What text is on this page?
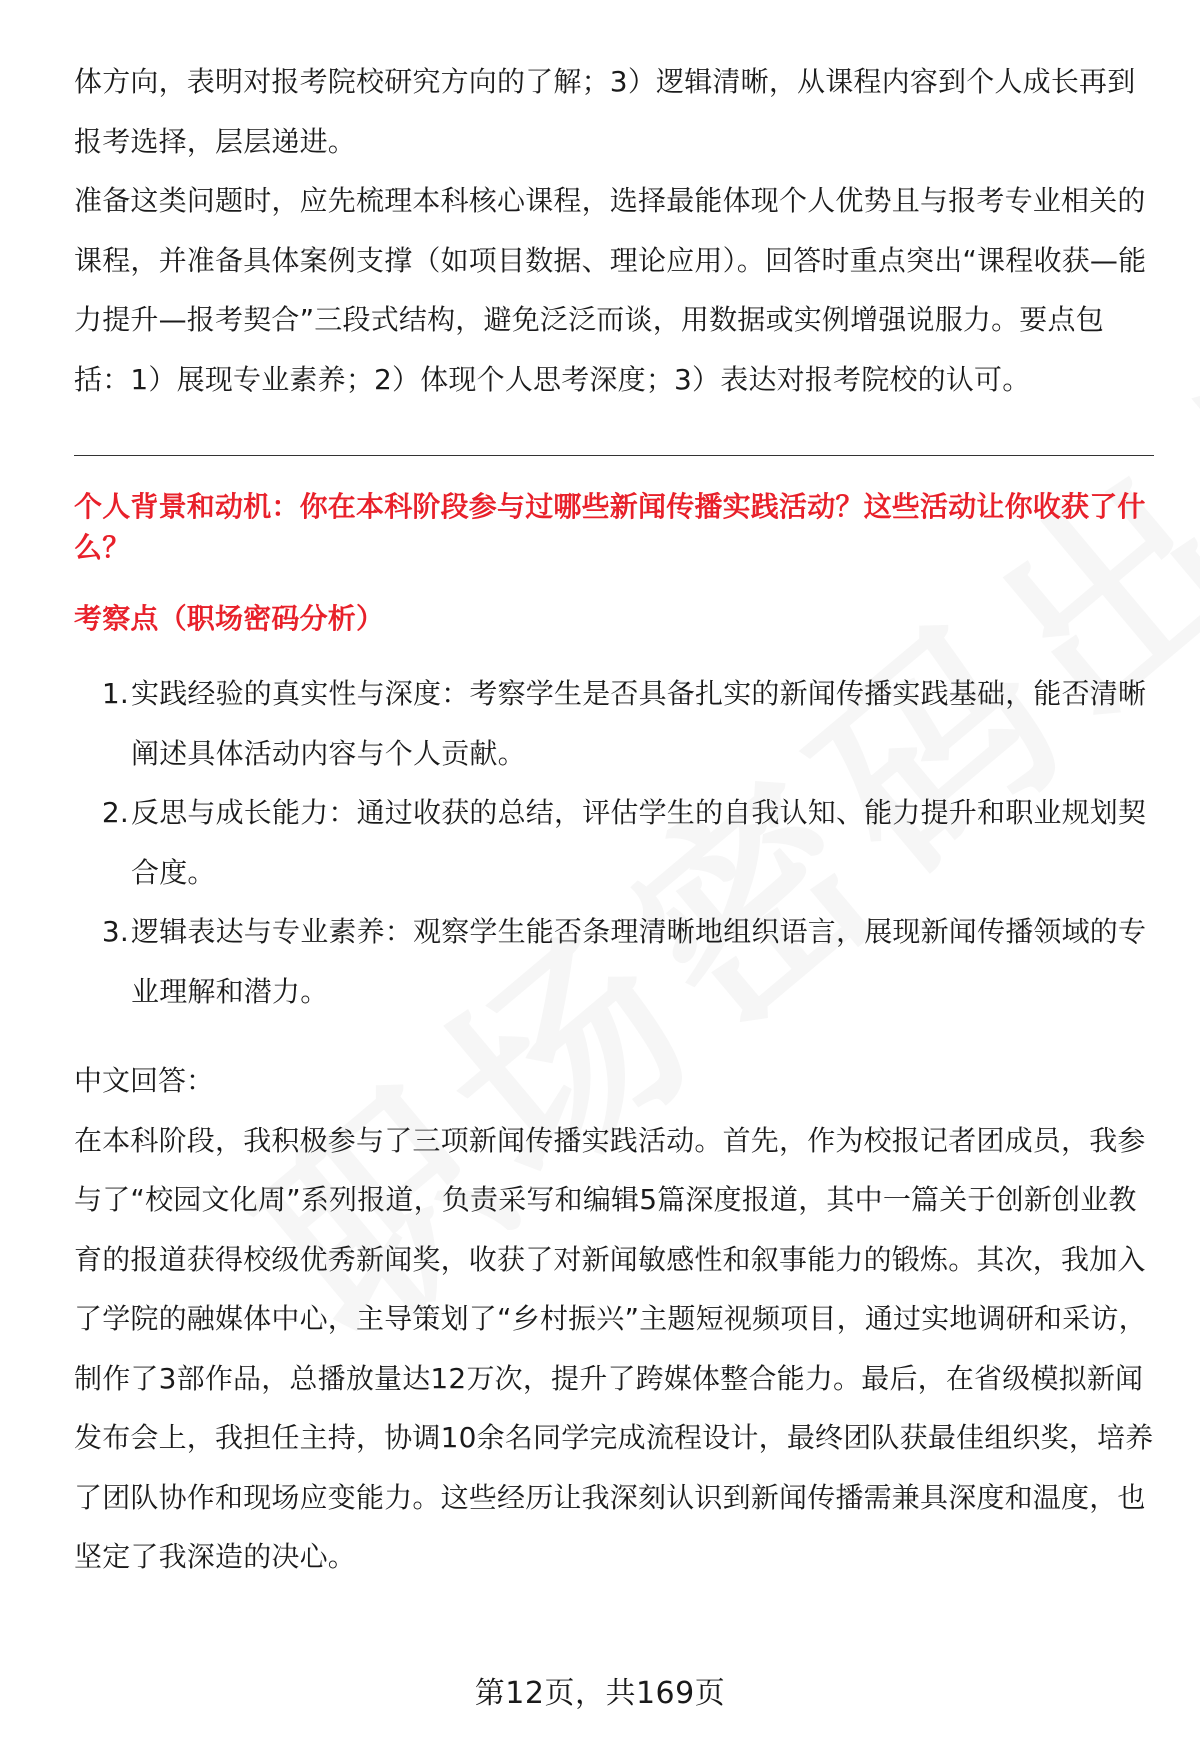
体方向，表明对报考院校研究方向的了解；3）逻辑清晰，从课程内容到个人成长再到报考选择，层层递进。

准备这类问题时，应先梳理本科核心课程，选择最能体现个人优势且与报考专业相关的课程，并准备具体案例支撑（如项目数据、理论应用）。回答时重点突出“课程收获—能力提升—报考契合”三段式结构，避免泛泛而谈，用数据或实例增强说服力。要点包括：1）展现专业素养；2）体现个人思考深度；3）表达对报考院校的认可。

个人背景和动机：你在本科阶段参与过哪些新闻传播实践活动？这些活动让你收获了什么？
考察点（职场密码分析）
1. 实践经验的真实性与深度：考察学生是否具备扎实的新闻传播实践基础，能否清晰阐述具体活动内容与个人贡献。
2. 反思与成长能力：通过收获的总结，评估学生的自我认知、能力提升和职业规划契合度。
3. 逻辑表达与专业素养：观察学生能否条理清晰地组织语言，展现新闻传播领域的专业理解和潜力。

中文回答：

在本科阶段，我积极参与了三项新闻传播实践活动。首先，作为校报记者团成员，我参与了“校园文化周”系列报道，负责采写和编辑5篇深度报道，其中一篇关于创新创业教育的报道获得校级优秀新闻奖，收获了对新闻敏感性和叙事能力的锻炼。其次，我加入了学院的融媒体中心，主导策划了“乡村振兴”主题短视频项目，通过实地调研和采访，制作了3部作品，总播放量达12万次，提升了跨媒体整合能力。最后，在省级模拟新闻发布会上，我担任主持，协调10余名同学完成流程设计，最终团队获最佳组织奖，培养了团队协作和现场应变能力。这些经历让我深刻认识到新闻传播需兼具深度和温度，也坚定了我深造的决心。

第12页，共169页
